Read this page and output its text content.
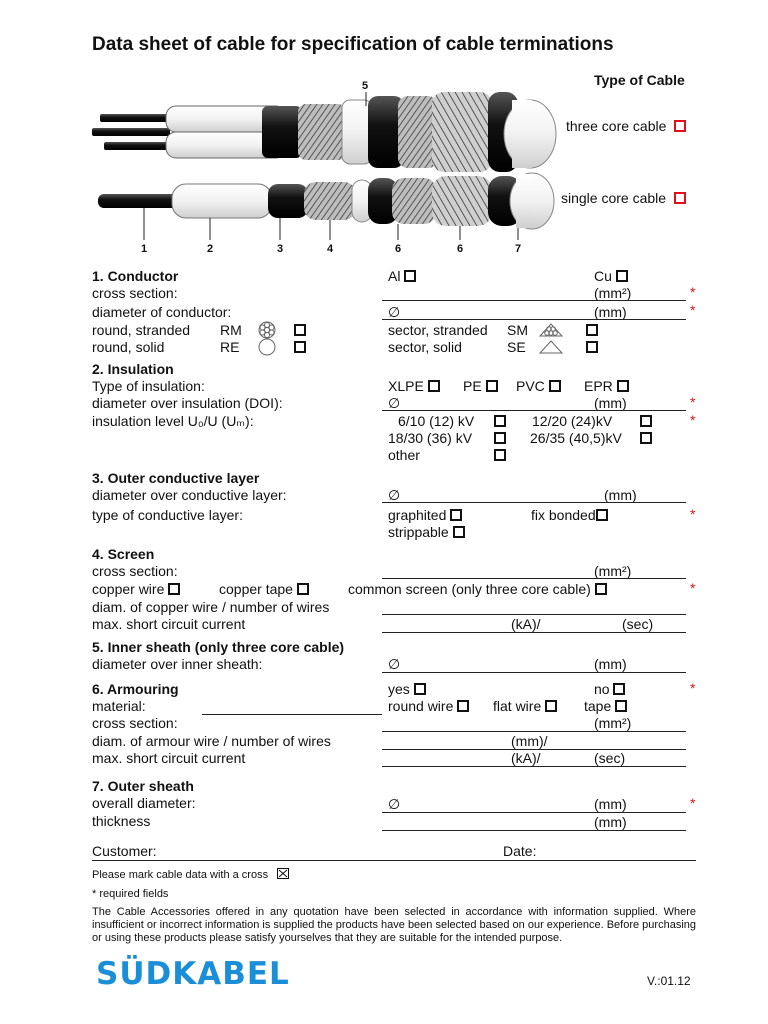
Data sheet of cable for specification of cable terminations
5
1	2	3	4	6	6	7
Type of Cable
three core cable
single core cable
1. Conductor	Al	Cu
cross section:	(mm²)	*
diameter of conductor:	∅	(mm)	*
round, stranded RM	sector, stranded SM
round, solid	RE	sector, solid	SE
2. Insulation
Type of insulation:	XLPE	PE	PVC	EPR
diameter over insulation (DOI):	∅	(mm)	*
insulation level U₀/U (Uₘ):	6/10 (12) kV	12/20 (24)kV	*
18/30 (36) kV	26/35 (40,5)kV
other
3. Outer conductive layer
diameter over conductive layer:	∅	(mm)
type of conductive layer:	graphited	fix bonded	*
strippable
4. Screen
cross section:	(mm²)
copper wire	copper tape	common screen (only three core cable)	*
diam. of copper wire / number of wires
max. short circuit current	(kA)/	(sec)
5. Inner sheath (only three core cable)
diameter over inner sheath:	∅	(mm)
6. Armouring	yes	no	*
material:	round wire	flat wire	tape
cross section:	(mm²)
diam. of armour wire / number of wires	(mm)/
max. short circuit current	(kA)/	(sec)
7. Outer sheath
overall diameter:	∅	(mm)	*
thickness	(mm)
Customer:	Date:
Please mark cable data with a cross
* required fields
The Cable Accessories offered in any quotation have been selected in accordance with information supplied. Where insufficient or incorrect information is supplied the products have been selected based on our experience. Before purchasing or using these products please satisfy yourselves that they are suitable for the intended purpose.
SÜDKABEL	V.:01.12
